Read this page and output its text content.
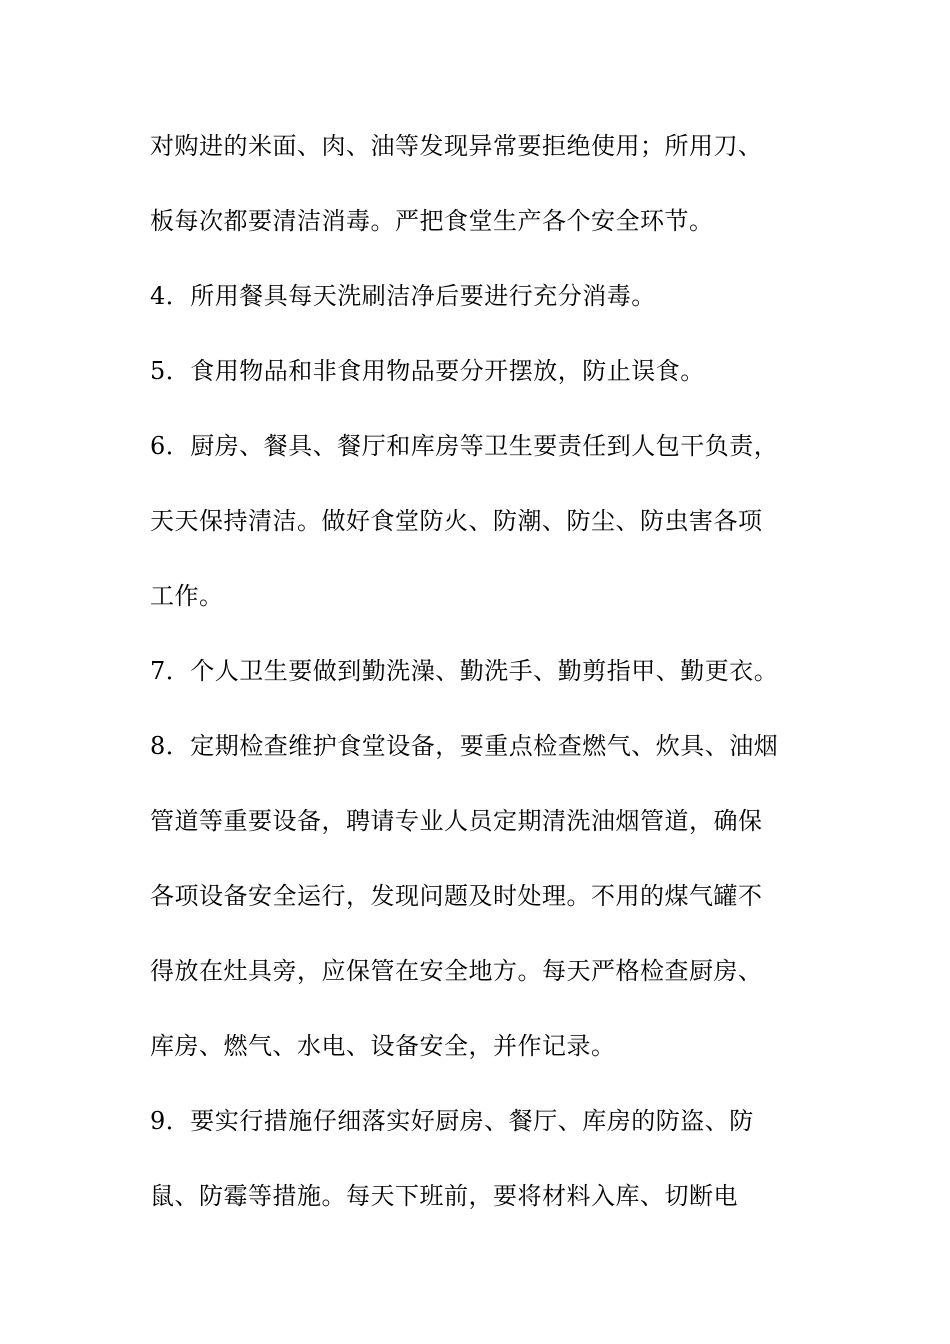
对购进的米面、肉、油等发现异常要拒绝使用；所用刀、
板每次都要清洁消毒。严把食堂生产各个安全环节。
4．所用餐具每天洗刷洁净后要进行充分消毒。
5．食用物品和非食用物品要分开摆放，防止误食。
6．厨房、餐具、餐厅和库房等卫生要责任到人包干负责，
天天保持清洁。做好食堂防火、防潮、防尘、防虫害各项
工作。
7．个人卫生要做到勤洗澡、勤洗手、勤剪指甲、勤更衣。
8．定期检查维护食堂设备，要重点检查燃气、炊具、油烟
管道等重要设备，聘请专业人员定期清洗油烟管道，确保
各项设备安全运行，发现问题及时处理。不用的煤气罐不
得放在灶具旁，应保管在安全地方。每天严格检查厨房、
库房、燃气、水电、设备安全，并作记录。
9．要实行措施仔细落实好厨房、餐厅、库房的防盗、防
鼠、防霉等措施。每天下班前，要将材料入库、切断电
